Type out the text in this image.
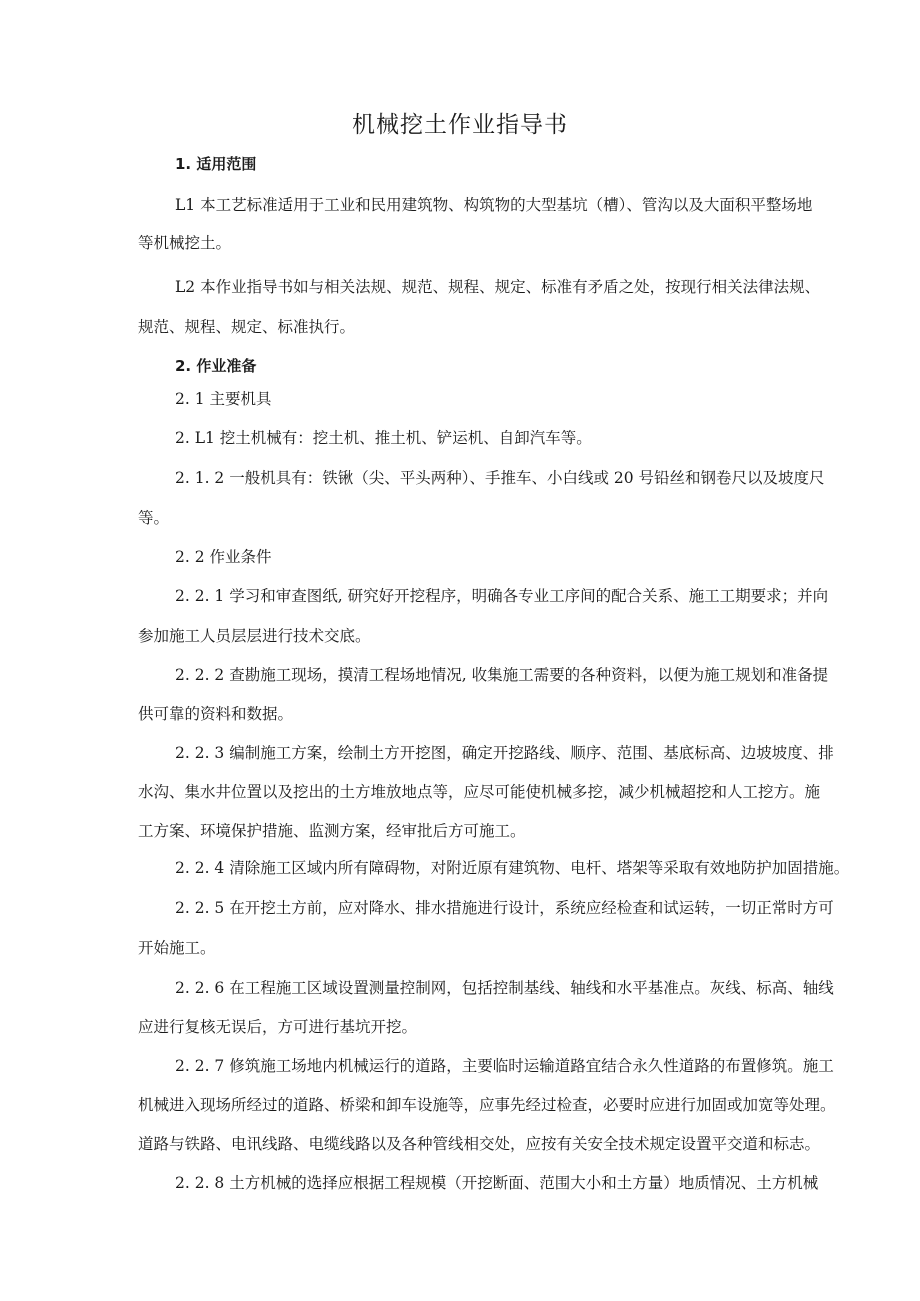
机械挖土作业指导书
1. 适用范围
L1 本工艺标准适用于工业和民用建筑物、构筑物的大型基坑（槽）、管沟以及大面积平整场地
等机械挖土。
L2 本作业指导书如与相关法规、规范、规程、规定、标准有矛盾之处，按现行相关法律法规、
规范、规程、规定、标准执行。
2. 作业准备
2. 1 主要机具
2. L1 挖土机械有：挖土机、推土机、铲运机、自卸汽车等。
2. 1. 2 一般机具有：铁锹（尖、平头两种）、手推车、小白线或 20 号铅丝和钢卷尺以及坡度尺
等。
2. 2 作业条件
2. 2. 1 学习和审查图纸, 研究好开挖程序，明确各专业工序间的配合关系、施工工期要求；并向
参加施工人员层层进行技术交底。
2. 2. 2 查勘施工现场，摸清工程场地情况, 收集施工需要的各种资料，以便为施工规划和准备提
供可靠的资料和数据。
2. 2. 3 编制施工方案，绘制土方开挖图，确定开挖路线、顺序、范围、基底标高、边坡坡度、排
水沟、集水井位置以及挖出的土方堆放地点等，应尽可能使机械多挖，减少机械超挖和人工挖方。施
工方案、环境保护措施、监测方案，经审批后方可施工。
2. 2. 4 清除施工区域内所有障碍物，对附近原有建筑物、电杆、塔架等采取有效地防护加固措施。
2. 2. 5 在开挖土方前，应对降水、排水措施进行设计，系统应经检查和试运转，一切正常时方可
开始施工。
2. 2. 6 在工程施工区域设置测量控制网，包括控制基线、轴线和水平基准点。灰线、标高、轴线
应进行复核无误后，方可进行基坑开挖。
2. 2. 7 修筑施工场地内机械运行的道路，主要临时运输道路宜结合永久性道路的布置修筑。施工
机械进入现场所经过的道路、桥梁和卸车设施等，应事先经过检查，必要时应进行加固或加宽等处理。
道路与铁路、电讯线路、电缆线路以及各种管线相交处，应按有关安全技术规定设置平交道和标志。
2. 2. 8 土方机械的选择应根据工程规模（开挖断面、范围大小和土方量）地质情况、土方机械
